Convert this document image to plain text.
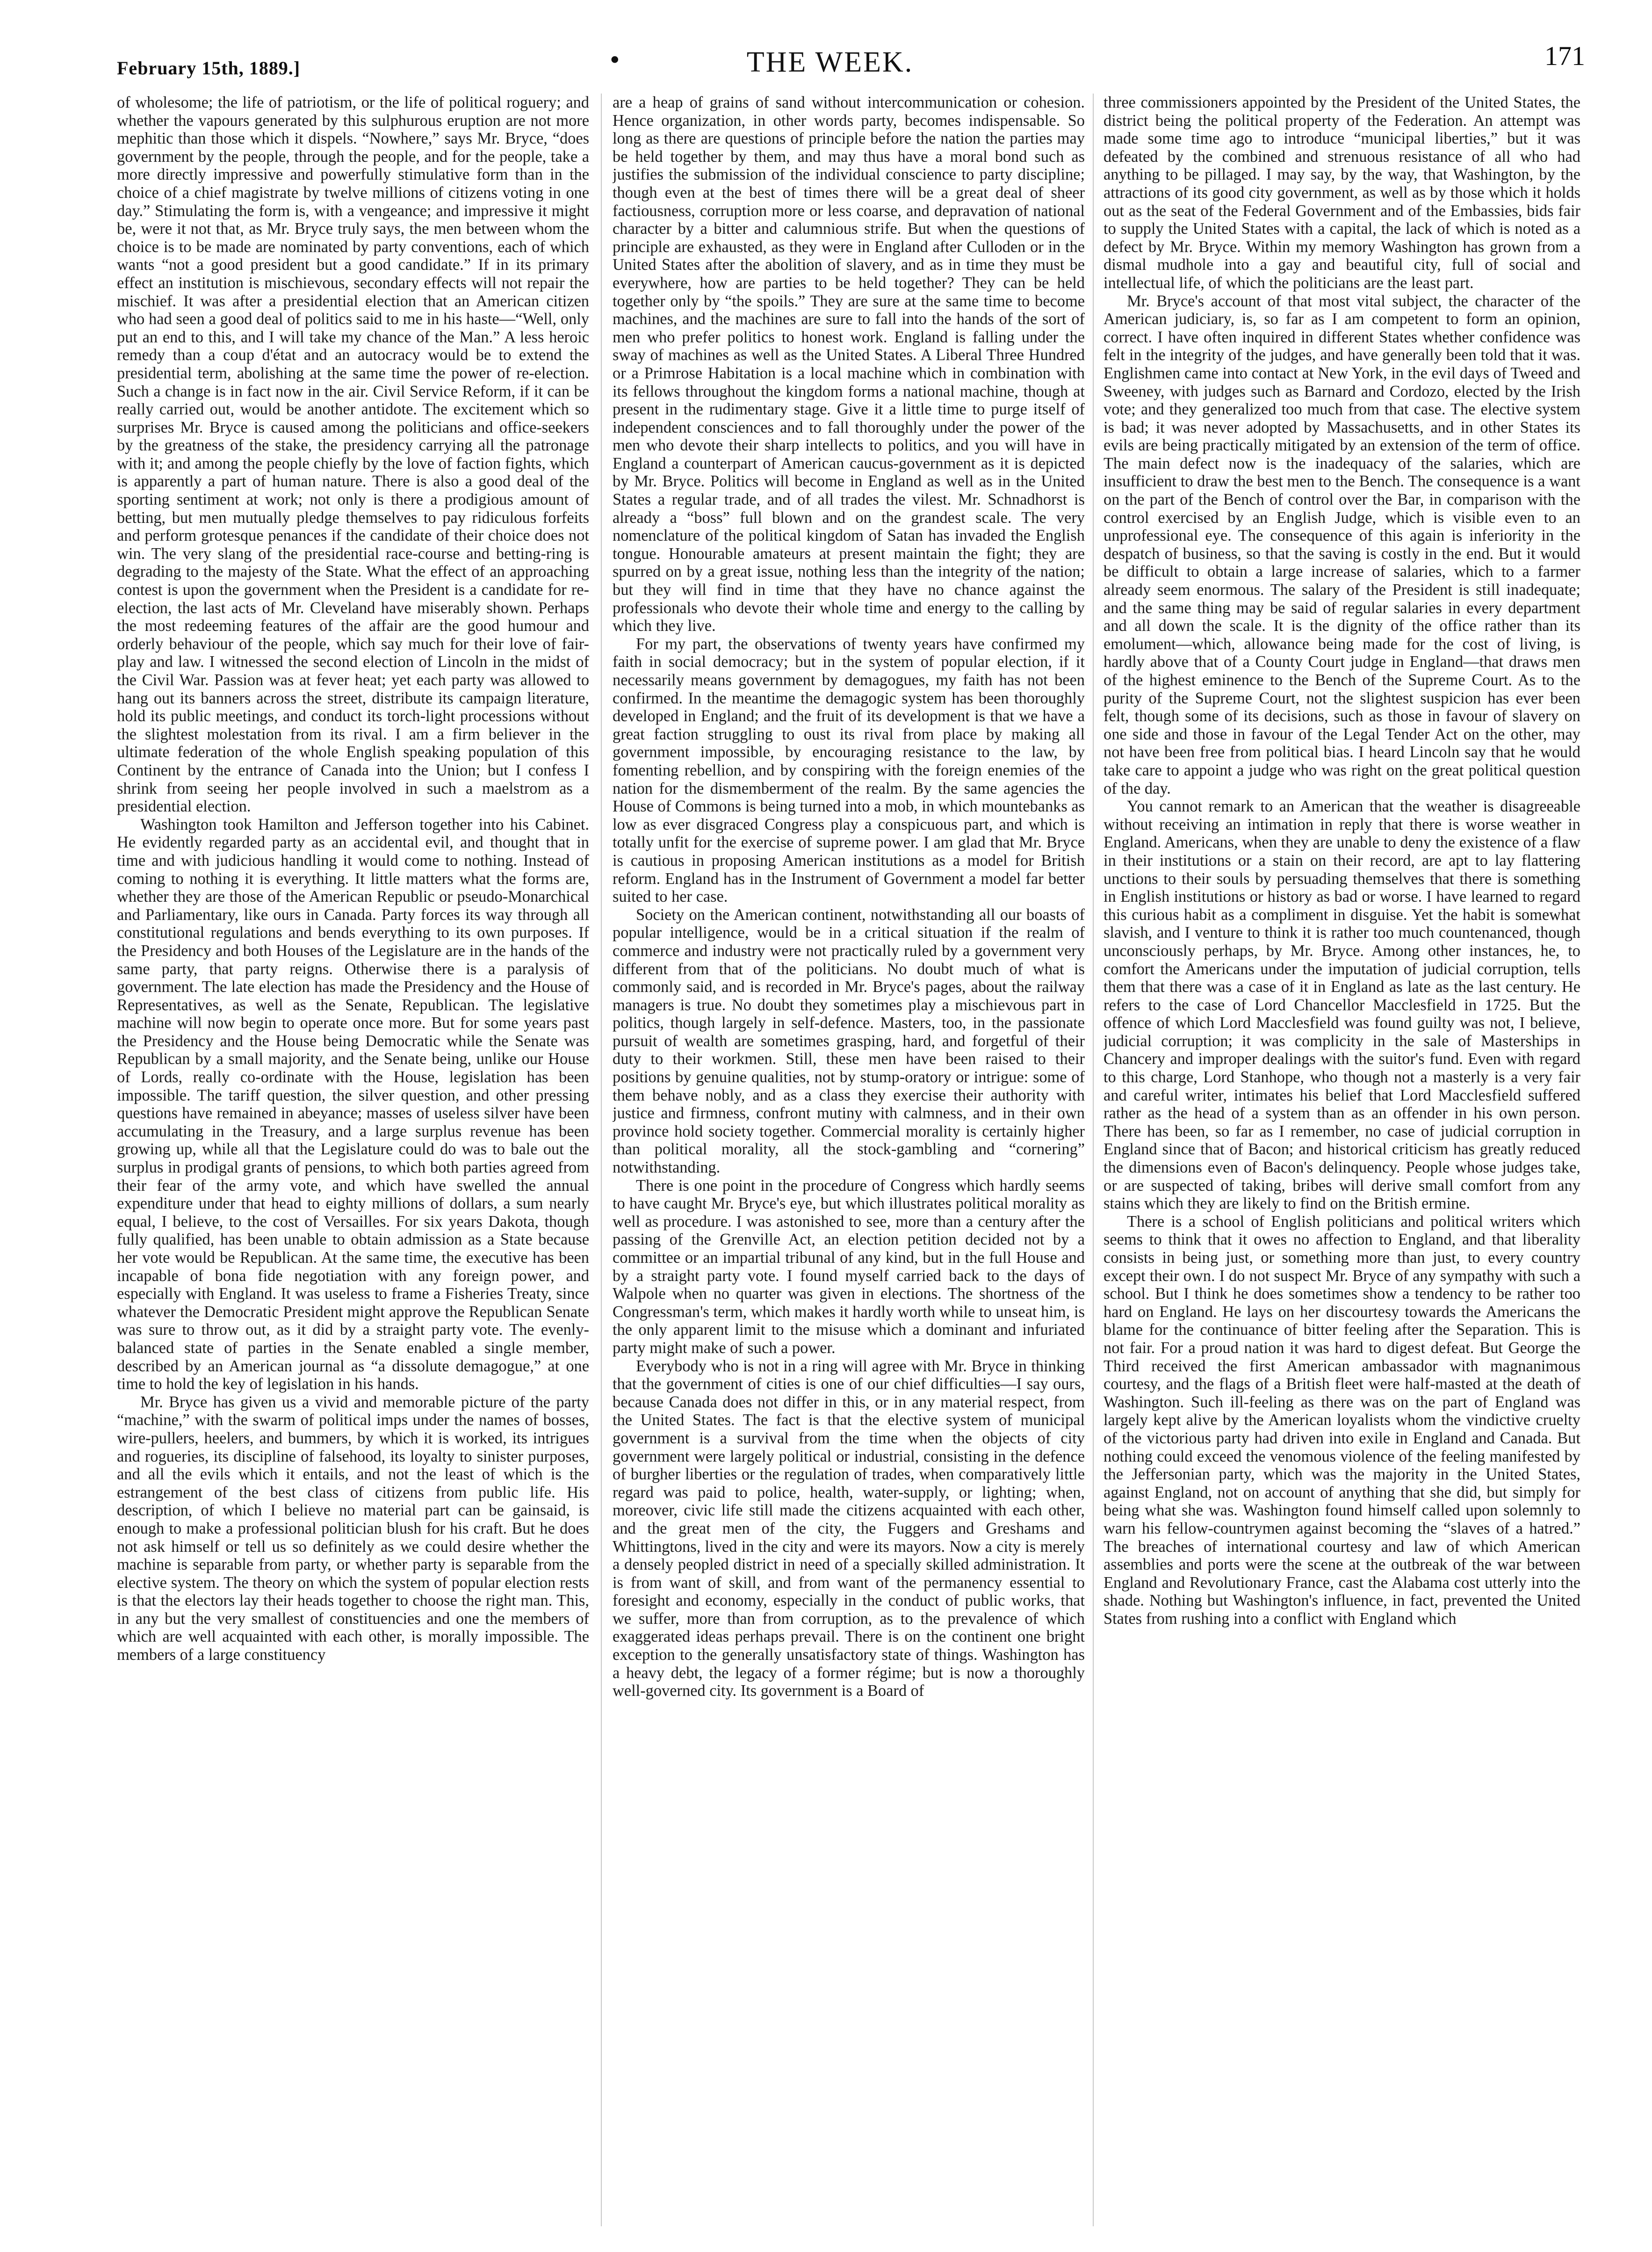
February 15th, 1889.]	•	THE WEEK.	171

of wholesome; the life of patriotism, or the life of political roguery; and whether the vapours generated by this sulphurous eruption are not more mephitic than those which it dispels. “Nowhere,” says Mr. Bryce, “does government by the people, through the people, and for the people, take a more directly impressive and powerfully stimulative form than in the choice of a chief magistrate by twelve millions of citizens voting in one day.” Stimulating the form is, with a vengeance; and impressive it might be, were it not that, as Mr. Bryce truly says, the men between whom the choice is to be made are nominated by party conventions, each of which wants “not a good president but a good candidate.” If in its primary effect an institution is mischievous, secondary effects will not repair the mischief. It was after a presidential election that an American citizen who had seen a good deal of politics said to me in his haste—“Well, only put an end to this, and I will take my chance of the Man.” A less heroic remedy than a coup d'état and an autocracy would be to extend the presidential term, abolishing at the same time the power of re-election. Such a change is in fact now in the air. Civil Service Reform, if it can be really carried out, would be another antidote. The excitement which so surprises Mr. Bryce is caused among the politicians and office-seekers by the greatness of the stake, the presidency carrying all the patronage with it; and among the people chiefly by the love of faction fights, which is apparently a part of human nature. There is also a good deal of the sporting sentiment at work; not only is there a prodigious amount of betting, but men mutually pledge themselves to pay ridiculous forfeits and perform grotesque penances if the candidate of their choice does not win. The very slang of the presidential race-course and betting-ring is degrading to the majesty of the State. What the effect of an approaching contest is upon the government when the President is a candidate for re-election, the last acts of Mr. Cleveland have miserably shown. Perhaps the most redeeming features of the affair are the good humour and orderly behaviour of the people, which say much for their love of fair-play and law. I witnessed the second election of Lincoln in the midst of the Civil War. Passion was at fever heat; yet each party was allowed to hang out its banners across the street, distribute its campaign literature, hold its public meetings, and conduct its torch-light processions without the slightest molestation from its rival. I am a firm believer in the ultimate federation of the whole English speaking population of this Continent by the entrance of Canada into the Union; but I confess I shrink from seeing her people involved in such a maelstrom as a presidential election.

Washington took Hamilton and Jefferson together into his Cabinet. He evidently regarded party as an accidental evil, and thought that in time and with judicious handling it would come to nothing. Instead of coming to nothing it is everything. It little matters what the forms are, whether they are those of the American Republic or pseudo-Monarchical and Parliamentary, like ours in Canada. Party forces its way through all constitutional regulations and bends everything to its own purposes. If the Presidency and both Houses of the Legislature are in the hands of the same party, that party reigns. Otherwise there is a paralysis of government. The late election has made the Presidency and the House of Representatives, as well as the Senate, Republican. The legislative machine will now begin to operate once more. But for some years past the Presidency and the House being Democratic while the Senate was Republican by a small majority, and the Senate being, unlike our House of Lords, really co-ordinate with the House, legislation has been impossible. The tariff question, the silver question, and other pressing questions have remained in abeyance; masses of useless silver have been accumulating in the Treasury, and a large surplus revenue has been growing up, while all that the Legislature could do was to bale out the surplus in prodigal grants of pensions, to which both parties agreed from their fear of the army vote, and which have swelled the annual expenditure under that head to eighty millions of dollars, a sum nearly equal, I believe, to the cost of Versailles. For six years Dakota, though fully qualified, has been unable to obtain admission as a State because her vote would be Republican. At the same time, the executive has been incapable of bona fide negotiation with any foreign power, and especially with England. It was useless to frame a Fisheries Treaty, since whatever the Democratic President might approve the Republican Senate was sure to throw out, as it did by a straight party vote. The evenly-balanced state of parties in the Senate enabled a single member, described by an American journal as “a dissolute demagogue,” at one time to hold the key of legislation in his hands.

Mr. Bryce has given us a vivid and memorable picture of the party “machine,” with the swarm of political imps under the names of bosses, wire-pullers, heelers, and bummers, by which it is worked, its intrigues and rogueries, its discipline of falsehood, its loyalty to sinister purposes, and all the evils which it entails, and not the least of which is the estrangement of the best class of citizens from public life. His description, of which I believe no material part can be gainsaid, is enough to make a professional politician blush for his craft. But he does not ask himself or tell us so definitely as we could desire whether the machine is separable from party, or whether party is separable from the elective system. The theory on which the system of popular election rests is that the electors lay their heads together to choose the right man. This, in any but the very smallest of constituencies and one the members of which are well acquainted with each other, is morally impossible. The members of a large constituency

are a heap of grains of sand without intercommunication or cohesion. Hence organization, in other words party, becomes indispensable. So long as there are questions of principle before the nation the parties may be held together by them, and may thus have a moral bond such as justifies the submission of the individual conscience to party discipline; though even at the best of times there will be a great deal of sheer factiousness, corruption more or less coarse, and depravation of national character by a bitter and calumnious strife. But when the questions of principle are exhausted, as they were in England after Culloden or in the United States after the abolition of slavery, and as in time they must be everywhere, how are parties to be held together? They can be held together only by “the spoils.” They are sure at the same time to become machines, and the machines are sure to fall into the hands of the sort of men who prefer politics to honest work. England is falling under the sway of machines as well as the United States. A Liberal Three Hundred or a Primrose Habitation is a local machine which in combination with its fellows throughout the kingdom forms a national machine, though at present in the rudimentary stage. Give it a little time to purge itself of independent consciences and to fall thoroughly under the power of the men who devote their sharp intellects to politics, and you will have in England a counterpart of American caucus-government as it is depicted by Mr. Bryce. Politics will become in England as well as in the United States a regular trade, and of all trades the vilest. Mr. Schnadhorst is already a “boss” full blown and on the grandest scale. The very nomenclature of the political kingdom of Satan has invaded the English tongue. Honourable amateurs at present maintain the fight; they are spurred on by a great issue, nothing less than the integrity of the nation; but they will find in time that they have no chance against the professionals who devote their whole time and energy to the calling by which they live.

For my part, the observations of twenty years have confirmed my faith in social democracy; but in the system of popular election, if it necessarily means government by demagogues, my faith has not been confirmed. In the meantime the demagogic system has been thoroughly developed in England; and the fruit of its development is that we have a great faction struggling to oust its rival from place by making all government impossible, by encouraging resistance to the law, by fomenting rebellion, and by conspiring with the foreign enemies of the nation for the dismemberment of the realm. By the same agencies the House of Commons is being turned into a mob, in which mountebanks as low as ever disgraced Congress play a conspicuous part, and which is totally unfit for the exercise of supreme power. I am glad that Mr. Bryce is cautious in proposing American institutions as a model for British reform. England has in the Instrument of Government a model far better suited to her case.

Society on the American continent, notwithstanding all our boasts of popular intelligence, would be in a critical situation if the realm of commerce and industry were not practically ruled by a government very different from that of the politicians. No doubt much of what is commonly said, and is recorded in Mr. Bryce's pages, about the railway managers is true. No doubt they sometimes play a mischievous part in politics, though largely in self-defence. Masters, too, in the passionate pursuit of wealth are sometimes grasping, hard, and forgetful of their duty to their workmen. Still, these men have been raised to their positions by genuine qualities, not by stump-oratory or intrigue: some of them behave nobly, and as a class they exercise their authority with justice and firmness, confront mutiny with calmness, and in their own province hold society together. Commercial morality is certainly higher than political morality, all the stock-gambling and “cornering” notwithstanding.

There is one point in the procedure of Congress which hardly seems to have caught Mr. Bryce's eye, but which illustrates political morality as well as procedure. I was astonished to see, more than a century after the passing of the Grenville Act, an election petition decided not by a committee or an impartial tribunal of any kind, but in the full House and by a straight party vote. I found myself carried back to the days of Walpole when no quarter was given in elections. The shortness of the Congressman's term, which makes it hardly worth while to unseat him, is the only apparent limit to the misuse which a dominant and infuriated party might make of such a power.

Everybody who is not in a ring will agree with Mr. Bryce in thinking that the government of cities is one of our chief difficulties—I say ours, because Canada does not differ in this, or in any material respect, from the United States. The fact is that the elective system of municipal government is a survival from the time when the objects of city government were largely political or industrial, consisting in the defence of burgher liberties or the regulation of trades, when comparatively little regard was paid to police, health, water-supply, or lighting; when, moreover, civic life still made the citizens acquainted with each other, and the great men of the city, the Fuggers and Greshams and Whittingtons, lived in the city and were its mayors. Now a city is merely a densely peopled district in need of a specially skilled administration. It is from want of skill, and from want of the permanency essential to foresight and economy, especially in the conduct of public works, that we suffer, more than from corruption, as to the prevalence of which exaggerated ideas perhaps prevail. There is on the continent one bright exception to the generally unsatisfactory state of things. Washington has a heavy debt, the legacy of a former régime; but is now a thoroughly well-governed city. Its government is a Board of

three commissioners appointed by the President of the United States, the district being the political property of the Federation. An attempt was made some time ago to introduce “municipal liberties,” but it was defeated by the combined and strenuous resistance of all who had anything to be pillaged. I may say, by the way, that Washington, by the attractions of its good city government, as well as by those which it holds out as the seat of the Federal Government and of the Embassies, bids fair to supply the United States with a capital, the lack of which is noted as a defect by Mr. Bryce. Within my memory Washington has grown from a dismal mudhole into a gay and beautiful city, full of social and intellectual life, of which the politicians are the least part.

Mr. Bryce's account of that most vital subject, the character of the American judiciary, is, so far as I am competent to form an opinion, correct. I have often inquired in different States whether confidence was felt in the integrity of the judges, and have generally been told that it was. Englishmen came into contact at New York, in the evil days of Tweed and Sweeney, with judges such as Barnard and Cordozo, elected by the Irish vote; and they generalized too much from that case. The elective system is bad; it was never adopted by Massachusetts, and in other States its evils are being practically mitigated by an extension of the term of office. The main defect now is the inadequacy of the salaries, which are insufficient to draw the best men to the Bench. The consequence is a want on the part of the Bench of control over the Bar, in comparison with the control exercised by an English Judge, which is visible even to an unprofessional eye. The consequence of this again is inferiority in the despatch of business, so that the saving is costly in the end. But it would be difficult to obtain a large increase of salaries, which to a farmer already seem enormous. The salary of the President is still inadequate; and the same thing may be said of regular salaries in every department and all down the scale. It is the dignity of the office rather than its emolument—which, allowance being made for the cost of living, is hardly above that of a County Court judge in England—that draws men of the highest eminence to the Bench of the Supreme Court. As to the purity of the Supreme Court, not the slightest suspicion has ever been felt, though some of its decisions, such as those in favour of slavery on one side and those in favour of the Legal Tender Act on the other, may not have been free from political bias. I heard Lincoln say that he would take care to appoint a judge who was right on the great political question of the day.

You cannot remark to an American that the weather is disagreeable without receiving an intimation in reply that there is worse weather in England. Americans, when they are unable to deny the existence of a flaw in their institutions or a stain on their record, are apt to lay flattering unctions to their souls by persuading themselves that there is something in English institutions or history as bad or worse. I have learned to regard this curious habit as a compliment in disguise. Yet the habit is somewhat slavish, and I venture to think it is rather too much countenanced, though unconsciously perhaps, by Mr. Bryce. Among other instances, he, to comfort the Americans under the imputation of judicial corruption, tells them that there was a case of it in England as late as the last century. He refers to the case of Lord Chancellor Macclesfield in 1725. But the offence of which Lord Macclesfield was found guilty was not, I believe, judicial corruption; it was complicity in the sale of Masterships in Chancery and improper dealings with the suitor's fund. Even with regard to this charge, Lord Stanhope, who though not a masterly is a very fair and careful writer, intimates his belief that Lord Macclesfield suffered rather as the head of a system than as an offender in his own person. There has been, so far as I remember, no case of judicial corruption in England since that of Bacon; and historical criticism has greatly reduced the dimensions even of Bacon's delinquency. People whose judges take, or are suspected of taking, bribes will derive small comfort from any stains which they are likely to find on the British ermine.

There is a school of English politicians and political writers which seems to think that it owes no affection to England, and that liberality consists in being just, or something more than just, to every country except their own. I do not suspect Mr. Bryce of any sympathy with such a school. But I think he does sometimes show a tendency to be rather too hard on England. He lays on her discourtesy towards the Americans the blame for the continuance of bitter feeling after the Separation. This is not fair. For a proud nation it was hard to digest defeat. But George the Third received the first American ambassador with magnanimous courtesy, and the flags of a British fleet were half-masted at the death of Washington. Such ill-feeling as there was on the part of England was largely kept alive by the American loyalists whom the vindictive cruelty of the victorious party had driven into exile in England and Canada. But nothing could exceed the venomous violence of the feeling manifested by the Jeffersonian party, which was the majority in the United States, against England, not on account of anything that she did, but simply for being what she was. Washington found himself called upon solemnly to warn his fellow-countrymen against becoming the “slaves of a hatred.” The breaches of international courtesy and law of which American assemblies and ports were the scene at the outbreak of the war between England and Revolutionary France, cast the Alabama cost utterly into the shade. Nothing but Washington's influence, in fact, prevented the United States from rushing into a conflict with England which
